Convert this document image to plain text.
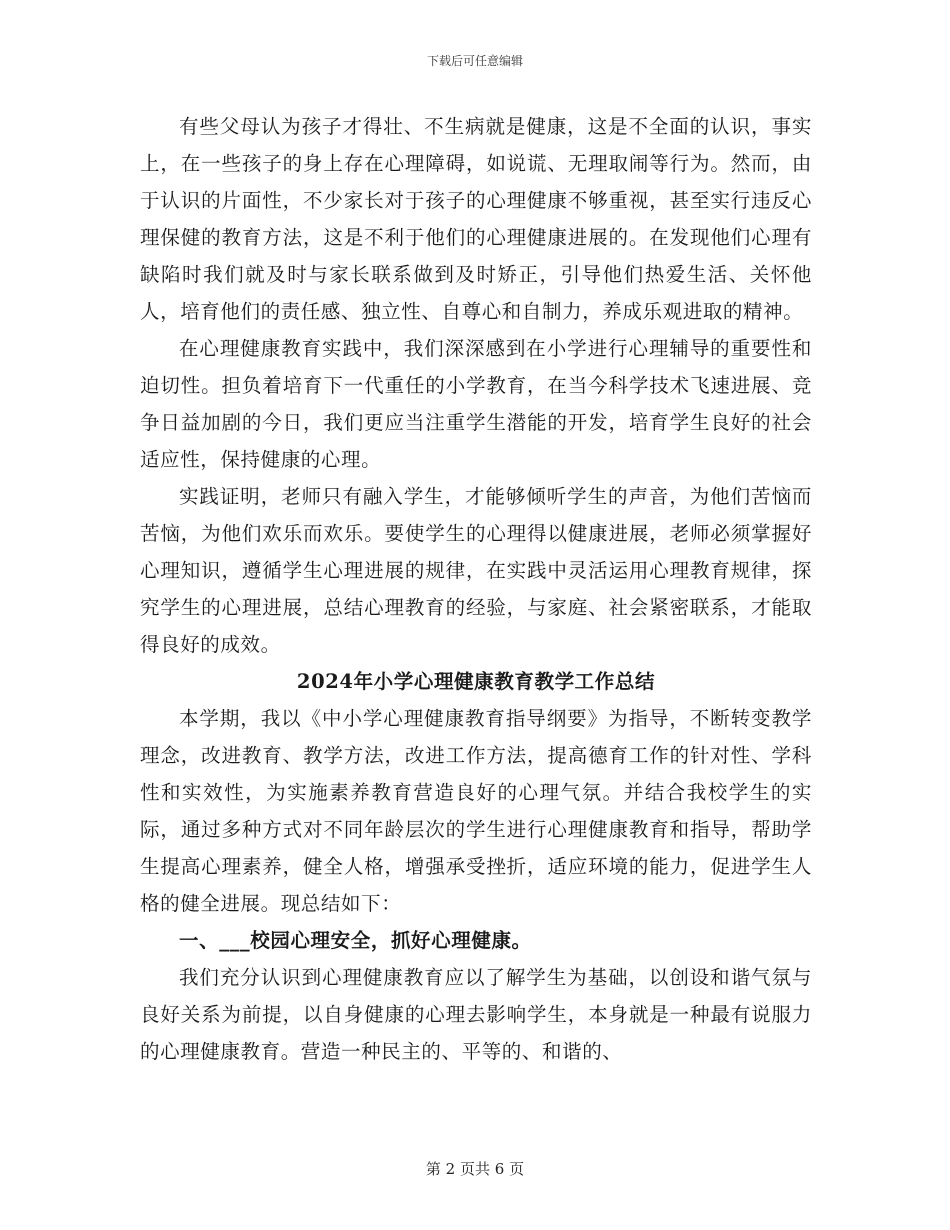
下载后可任意编辑

有些父母认为孩子才得壮、不生病就是健康，这是不全面的认识，事实上，在一些孩子的身上存在心理障碍，如说谎、无理取闹等行为。然而，由于认识的片面性，不少家长对于孩子的心理健康不够重视，甚至实行违反心理保健的教育方法，这是不利于他们的心理健康进展的。在发现他们心理有缺陷时我们就及时与家长联系做到及时矫正，引导他们热爱生活、关怀他人，培育他们的责任感、独立性、自尊心和自制力，养成乐观进取的精神。

在心理健康教育实践中，我们深深感到在小学进行心理辅导的重要性和迫切性。担负着培育下一代重任的小学教育，在当今科学技术飞速进展、竞争日益加剧的今日，我们更应当注重学生潜能的开发，培育学生良好的社会适应性，保持健康的心理。

实践证明，老师只有融入学生，才能够倾听学生的声音，为他们苦恼而苦恼，为他们欢乐而欢乐。要使学生的心理得以健康进展，老师必须掌握好心理知识，遵循学生心理进展的规律，在实践中灵活运用心理教育规律，探究学生的心理进展，总结心理教育的经验，与家庭、社会紧密联系，才能取得良好的成效。

2024年小学心理健康教育教学工作总结

本学期，我以《中小学心理健康教育指导纲要》为指导，不断转变教学理念，改进教育、教学方法，改进工作方法，提高德育工作的针对性、学科性和实效性，为实施素养教育营造良好的心理气氛。并结合我校学生的实际，通过多种方式对不同年龄层次的学生进行心理健康教育和指导，帮助学生提高心理素养，健全人格，增强承受挫折，适应环境的能力，促进学生人格的健全进展。现总结如下：

一、___校园心理安全，抓好心理健康。

我们充分认识到心理健康教育应以了解学生为基础，以创设和谐气氛与良好关系为前提，以自身健康的心理去影响学生，本身就是一种最有说服力的心理健康教育。营造一种民主的、平等的、和谐的、

第 2 页共 6 页
